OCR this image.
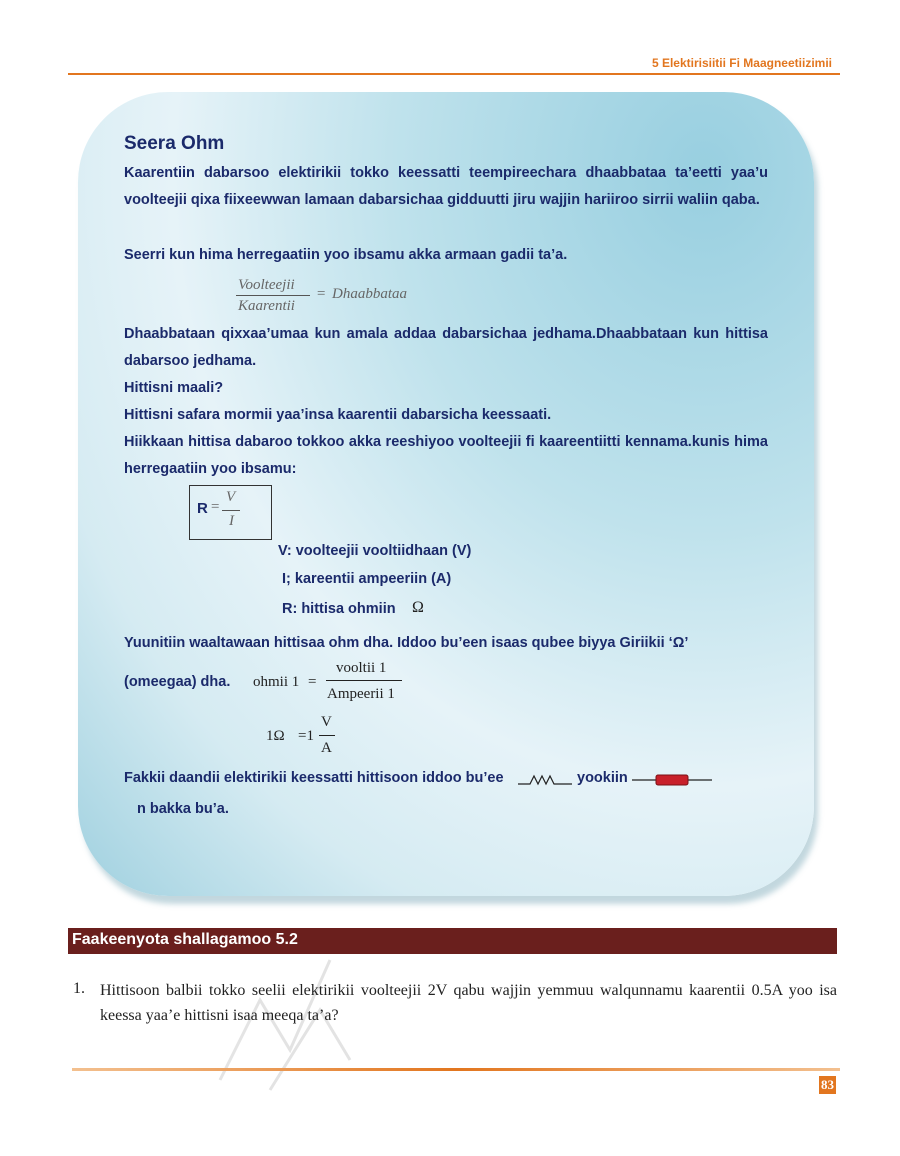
5 Elektirisiitii Fi Maagneetiizimii
Seera Ohm
Kaarentiin dabarsoo elektirikii tokko keessatti teempireechara dhaabbataa ta’eetti yaa’u voolteejii qixa fiixeewwan lamaan dabarsichaa gidduutti jiru wajjin hariiroo sirrii waliin qaba.
Seerri kun hima herregaatiin yoo ibsamu akka armaan gadii ta’a.
Voolteejii
Kaarentii
= Dhaabbataa
Dhaabbataan qixxaa’umaa kun amala addaa dabarsichaa jedhama.Dhaabbataan kun hittisa dabarsoo jedhama.
Hittisni maali?
Hittisni safara mormii yaa’insa kaarentii dabarsicha keessaati.
Hiikkaan hittisa dabaroo tokkoo akka reeshiyoo voolteejii fi kaareentiitti kennama.kunis hima herregaatiin yoo ibsamu:
R =
V
I
V: voolteejii vooltiidhaan (V)
I; kareentii ampeeriin (A)
R: hittisa ohmiin Ω
Yuunitiin waaltawaan hittisaa ohm dha. Iddoo bu’een isaas qubee biyya Giriikii ‘Ω’
(omeegaa) dha. ohmii 1 =
vooltii 1
Ampeerii 1
1Ω =1
V
A
Fakkii daandii elektirikii keessatti hittisoon iddoo bu’ee	yookiin
n bakka bu’a.
Faakeenyota shallagamoo 5.2
1. Hittisoon balbii tokko seelii elektirikii voolteejii 2V qabu wajjin yemmuu walqunnamu kaarentii 0.5A yoo isa keessa yaa’e hittisni isaa meeqa ta’a?
83
